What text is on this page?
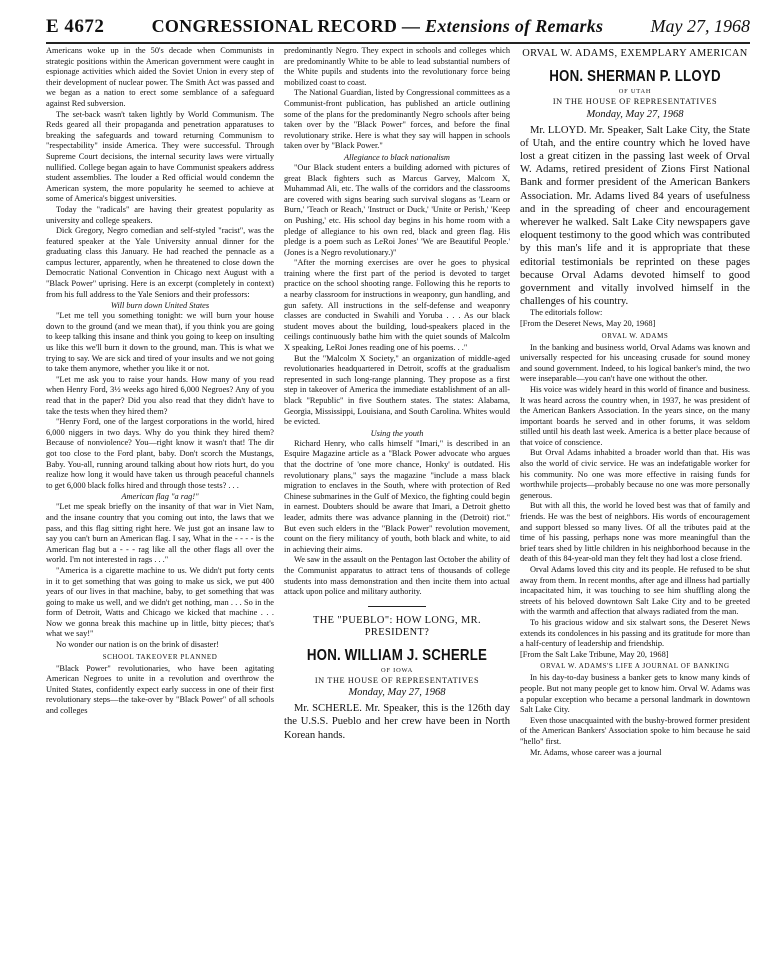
E 4672	CONGRESSIONAL RECORD — Extensions of Remarks	May 27, 1968

Americans woke up in the 50's decade when Communists in strategic positions within the American government were caught in espionage activities which aided the Soviet Union in every step of their development of nuclear power. The Smith Act was passed and we began as a nation to erect some semblance of a safeguard against Red subversion.

The set-back wasn't taken lightly by World Communism. The Reds geared all their propaganda and penetration apparatuses to breaking the safeguards and toward returning Communism to "respectability" inside America. They were successful. Through Supreme Court decisions, the internal security laws were virtually nullified. College began again to have Communist speakers address student assemblies. The louder a Red official would condemn the American system, the more popularity he seemed to achieve at some of America's biggest universities.

Today the "radicals" are having their greatest popularity as university and college speakers.

Dick Gregory, Negro comedian and self-styled "racist", was the featured speaker at the Yale University annual dinner for the graduating class this January. He had reached the pennacle as a campus lecturer, apparently, when he threatened to close down the Democratic National Convention in Chicago next August with a "Black Power" uprising. Here is an excerpt (completely in context) from his full address to the Yale Seniors and their professors:

Will burn down United States

"Let me tell you something tonight: we will burn your house down to the ground (and we mean that), if you think you are going to keep talking this insane and think you going to keep on insulting us like this we'll burn it down to the ground, man. This is what we trying to say. We are sick and tired of your insults and we not going to take them anymore, whether you like it or not.

"Let me ask you to raise your hands. How many of you read when Henry Ford, 3½ weeks ago hired 6,000 Negroes? Any of you read that in the paper? Did you also read that they didn't have to take the tests when they hired them?

"Henry Ford, one of the largest corporations in the world, hired 6,000 niggers in two days. Why do you think they hired them? Because of nonviolence? You—right know it wasn't that! The dir got too close to the Ford plant, baby. Don't scorch the Mustangs, Baby. You-all, running around talking about how riots hurt, do you realize how long it would have taken us through peaceful channels to get 6,000 black folks hired and through those tests? . . .

American flag "a rag!"

"Let me speak briefly on the insanity of that war in Viet Nam, and the insane country that you coming out into, the laws that we pass, and this flag sitting right here. We just got an insane law to say you can't burn an American flag. I say, What in the - - - - is the American flag but a - - - rag like all the other flags all over the world. I'm not interested in rags . . ."

"America is a cigarette machine to us. We didn't put forty cents in it to get something that was going to make us sick, we put 400 years of our lives in that machine, baby, to get something that was going to make us well, and we didn't get nothing, man . . . So in the form of Detroit, Watts and Chicago we kicked that machine . . . Now we gonna break this machine up in little, bitty pieces; that's what we say!"

No wonder our nation is on the brink of disaster!

SCHOOL TAKEOVER PLANNED

"Black Power" revolutionaries, who have been agitating American Negroes to unite in a revolution and overthrow the United States, confidently expect early success in one of their first revolutionary steps—the take-over by "Black Power" of all schools and colleges

predominantly Negro. They expect in schools and colleges which are predominantly White to be able to lead substantial numbers of the White pupils and students into the revolutionary force being mobilized coast to coast.

The National Guardian, listed by Congressional committees as a Communist-front publication, has published an article outlining some of the plans for the predominantly Negro schools after being taken over by the "Black Power" forces, and before the final revolutionary strike. Here is what they say will happen in schools taken over by "Black Power."

Allegiance to black nationalism

"Our Black student enters a building adorned with pictures of great Black fighters such as Marcus Garvey, Malcom X, Muhammad Ali, etc. The walls of the corridors and the classrooms are covered with signs bearing such survival slogans as 'Learn or Burn,' 'Teach or Reach,' 'Instruct or Duck,' 'Unite or Perish,' 'Keep on Pushing,' etc. His school day begins in his home room with a pledge of allegiance to his own red, black and green flag. His pledge is a poem such as LeRoi Jones' 'We are Beautiful People.' (Jones is a Negro revolutionary.)"

"After the morning exercises are over he goes to physical training where the first part of the period is devoted to target practice on the school shooting range. Following this he reports to a nearby classroom for instructions in weaponry, gun handling, and gun safety. All instructions in the self-defense and weaponry classes are conducted in Swahili and Yoruba . . . As our black student moves about the building, loud-speakers placed in the ceilings continuously bathe him with the quiet sounds of Malcolm X speaking, LeRoi Jones reading one of his poems. . ."

But the "Malcolm X Society," an organization of middle-aged revolutionaries headquartered in Detroit, scoffs at the gradualism represented in such long-range planning. They propose as a first step in takeover of America the immediate establishment of an all-black "Republic" in five Southern states. The states: Alabama, Georgia, Mississippi, Louisiana, and South Carolina. Whites would be evicted.

Using the youth

Richard Henry, who calls himself "Imari," is described in an Esquire Magazine article as a "Black Power advocate who argues that the doctrine of 'one more chance, Honky' is outdated. His revolutionary plans," says the magazine "include a mass black migration to enclaves in the South, where with protection of Red Chinese submarines in the Gulf of Mexico, the fighting could begin in earnest. Doubters should be aware that Imari, a Detroit ghetto leader, admits there was advance planning in the (Detroit) riot." But even such elders in the "Black Power" revolution movement, count on the fiery militancy of youth, both black and white, to aid in achieving their aims.

We saw in the assault on the Pentagon last October the ability of the Communist apparatus to attract tens of thousands of college students into mass demonstration and then incite them into actual attack upon police and military authority.

THE "PUEBLO": HOW LONG, MR. PRESIDENT?
HON. WILLIAM J. SCHERLE
OF IOWA
IN THE HOUSE OF REPRESENTATIVES
Monday, May 27, 1968

Mr. SCHERLE. Mr. Speaker, this is the 126th day the U.S.S. Pueblo and her crew have been in North Korean hands.

ORVAL W. ADAMS, EXEMPLARY AMERICAN
HON. SHERMAN P. LLOYD
OF UTAH
IN THE HOUSE OF REPRESENTATIVES
Monday, May 27, 1968

Mr. LLOYD. Mr. Speaker, Salt Lake City, the State of Utah, and the entire country which he loved have lost a great citizen in the passing last week of Orval W. Adams, retired president of Zions First National Bank and former president of the American Bankers Association. Mr. Adams lived 84 years of usefulness and in the spreading of cheer and encouragement wherever he walked. Salt Lake City newspapers gave eloquent testimony to the good which was contributed by this man's life and it is appropriate that these editorial testimonials be reprinted on these pages because Orval Adams devoted himself to good government and vitally involved himself in the challenges of his country.

The editorials follow:

[From the Deseret News, May 20, 1968]

ORVAL W. ADAMS

In the banking and business world, Orval Adams was known and universally respected for his unceasing crusade for sound money and sound government. Indeed, to his logical banker's mind, the two were inseparable—you can't have one without the other.

His voice was widely heard in this world of finance and business. It was heard across the country when, in 1937, he was president of the American Bankers Association. In the years since, on the many important boards he served and in other forums, it was seldom stilled until his death last week. America is a better place because of that voice of conscience.

But Orval Adams inhabited a broader world than that. His was also the world of civic service. He was an indefatigable worker for his community. No one was more effective in raising funds for worthwhile projects—probably because no one was more personally generous.

But with all this, the world he loved best was that of family and friends. He was the best of neighbors. His words of encouragement and support blessed so many lives. Of all the tributes paid at the time of his passing, perhaps none was more meaningful than the brief tears shed by little children in his neighborhood because in the death of this 84-year-old man they felt they had lost a close friend.

Orval Adams loved this city and its people. He refused to be shut away from them. In recent months, after age and illness had partially incapacitated him, it was touching to see him shuffling along the streets of his beloved downtown Salt Lake City and to be greeted with the warmth and affection that always radiated from the man.

To his gracious widow and six stalwart sons, the Deseret News extends its condolences in his passing and its gratitude for more than a half-century of leadership and friendship.

[From the Salt Lake Tribune, May 20, 1968]

ORVAL W. ADAMS'S LIFE A JOURNAL OF BANKING

In his day-to-day business a banker gets to know many kinds of people. But not many people get to know him. Orval W. Adams was a popular exception who became a personal landmark in downtown Salt Lake City.

Even those unacquainted with the bushy-browed former president of the American Bankers' Association spoke to him because he said "hello" first.

Mr. Adams, whose career was a journal
